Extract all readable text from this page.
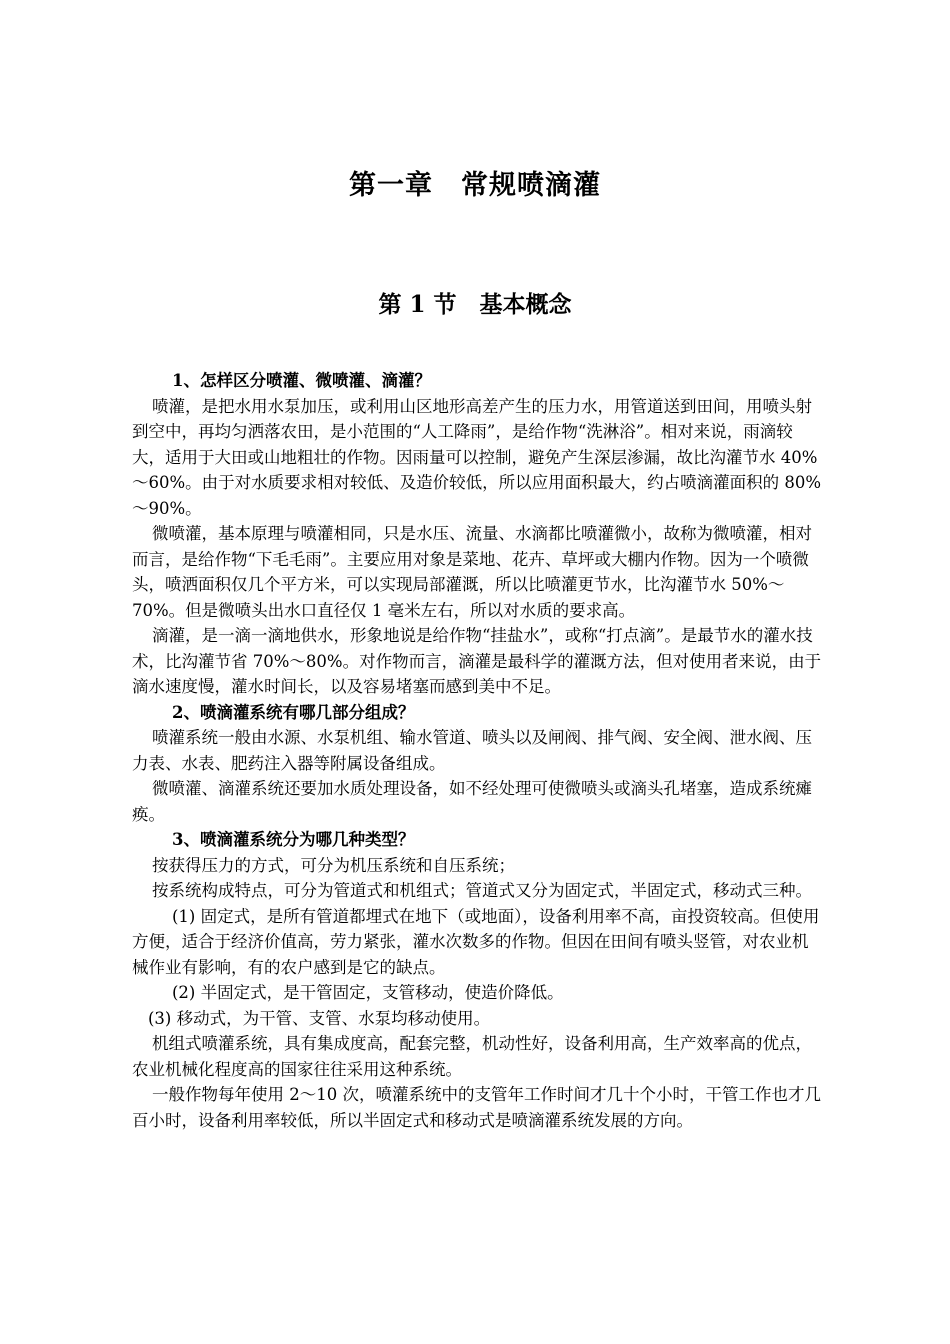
第一章　常规喷滴灌
第 1 节　基本概念

1、怎样区分喷灌、微喷灌、滴灌？

喷灌，是把水用水泵加压，或利用山区地形高差产生的压力水，用管道送到田间，用喷头射到空中，再均匀洒落农田，是小范围的“人工降雨”，是给作物“洗淋浴”。相对来说，雨滴较大，适用于大田或山地粗壮的作物。因雨量可以控制，避免产生深层渗漏，故比沟灌节水 40%～60%。由于对水质要求相对较低、及造价较低，所以应用面积最大，约占喷滴灌面积的 80%～90%。

微喷灌，基本原理与喷灌相同，只是水压、流量、水滴都比喷灌微小，故称为微喷灌，相对而言，是给作物“下毛毛雨”。主要应用对象是菜地、花卉、草坪或大棚内作物。因为一个喷微头，喷洒面积仅几个平方米，可以实现局部灌溉，所以比喷灌更节水，比沟灌节水 50%～70%。但是微喷头出水口直径仅 1 毫米左右，所以对水质的要求高。

滴灌，是一滴一滴地供水，形象地说是给作物“挂盐水”，或称“打点滴”。是最节水的灌水技术，比沟灌节省 70%～80%。对作物而言，滴灌是最科学的灌溉方法，但对使用者来说，由于滴水速度慢，灌水时间长，以及容易堵塞而感到美中不足。

2、喷滴灌系统有哪几部分组成？

喷灌系统一般由水源、水泵机组、输水管道、喷头以及闸阀、排气阀、安全阀、泄水阀、压力表、水表、肥药注入器等附属设备组成。

微喷灌、滴灌系统还要加水质处理设备，如不经处理可使微喷头或滴头孔堵塞，造成系统瘫痪。

3、喷滴灌系统分为哪几种类型？

按获得压力的方式，可分为机压系统和自压系统；

按系统构成特点，可分为管道式和机组式；管道式又分为固定式，半固定式，移动式三种。

(1) 固定式，是所有管道都埋式在地下（或地面），设备利用率不高，亩投资较高。但使用方便，适合于经济价值高，劳力紧张，灌水次数多的作物。但因在田间有喷头竖管，对农业机械作业有影响，有的农户感到是它的缺点。

(2) 半固定式，是干管固定，支管移动，使造价降低。

(3) 移动式，为干管、支管、水泵均移动使用。

机组式喷灌系统，具有集成度高，配套完整，机动性好，设备利用高，生产效率高的优点，农业机械化程度高的国家往往采用这种系统。

一般作物每年使用 2～10 次，喷灌系统中的支管年工作时间才几十个小时，干管工作也才几百小时，设备利用率较低，所以半固定式和移动式是喷滴灌系统发展的方向。
